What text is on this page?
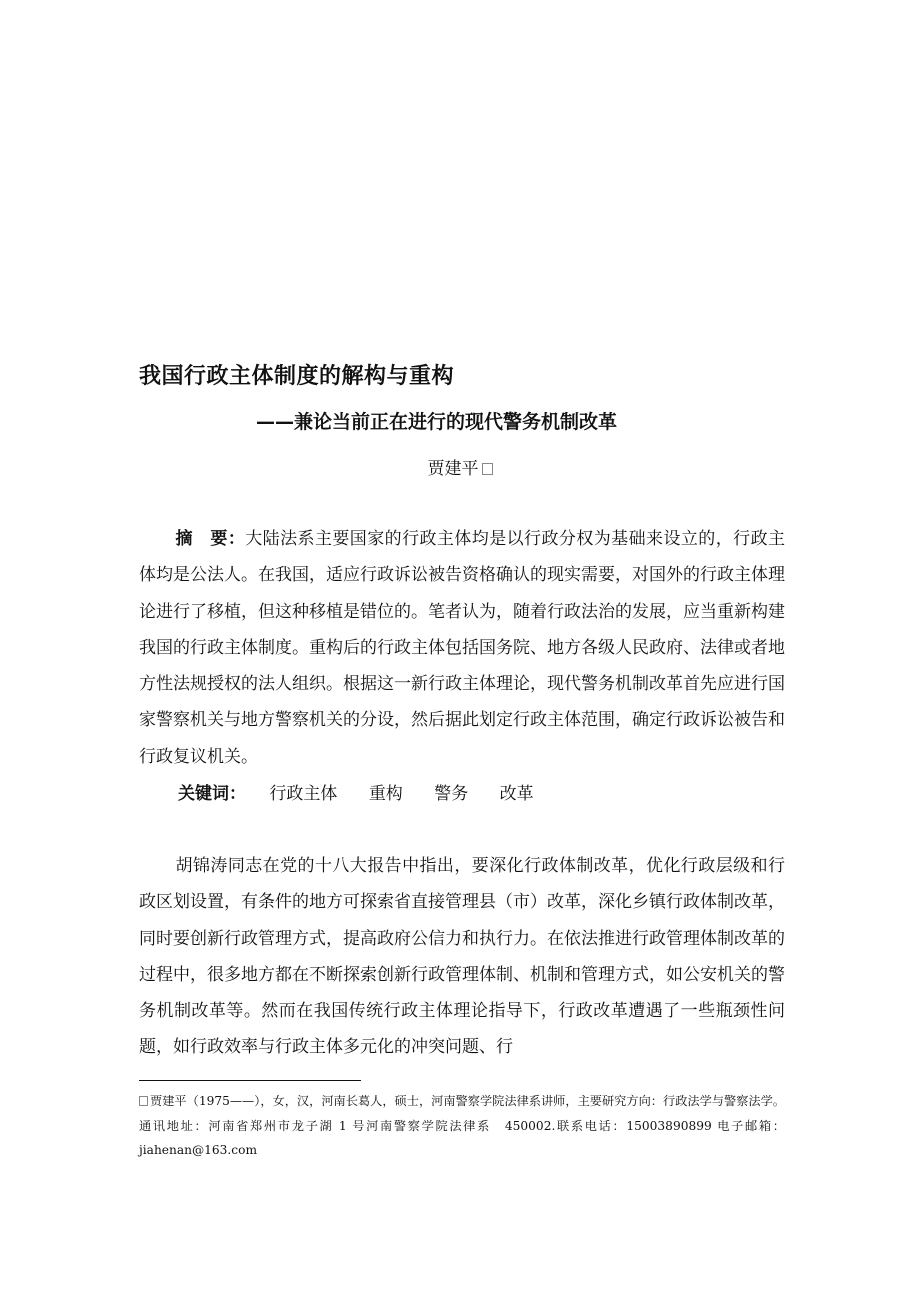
我国行政主体制度的解构与重构
——兼论当前正在进行的现代警务机制改革
贾建平
摘　要：大陆法系主要国家的行政主体均是以行政分权为基础来设立的，行政主体均是公法人。在我国，适应行政诉讼被告资格确认的现实需要，对国外的行政主体理论进行了移植，但这种移植是错位的。笔者认为，随着行政法治的发展，应当重新构建我国的行政主体制度。重构后的行政主体包括国务院、地方各级人民政府、法律或者地方性法规授权的法人组织。根据这一新行政主体理论，现代警务机制改革首先应进行国家警察机关与地方警察机关的分设，然后据此划定行政主体范围，确定行政诉讼被告和行政复议机关。
关键词： 行政主体 重构 警务 改革
胡锦涛同志在党的十八大报告中指出，要深化行政体制改革，优化行政层级和行政区划设置，有条件的地方可探索省直接管理县（市）改革，深化乡镇行政体制改革，同时要创新行政管理方式，提高政府公信力和执行力。在依法推进行政管理体制改革的过程中，很多地方都在不断探索创新行政管理体制、机制和管理方式，如公安机关的警务机制改革等。然而在我国传统行政主体理论指导下，行政改革遭遇了一些瓶颈性问题，如行政效率与行政主体多元化的冲突问题、行
贾建平（1975——），女，汉，河南长葛人，硕士，河南警察学院法律系讲师，主要研究方向：行政法学与警察法学。通讯地址：河南省郑州市龙子湖 1 号河南警察学院法律系　450002.联系电话：15003890899 电子邮箱：jiahenan@163.com
